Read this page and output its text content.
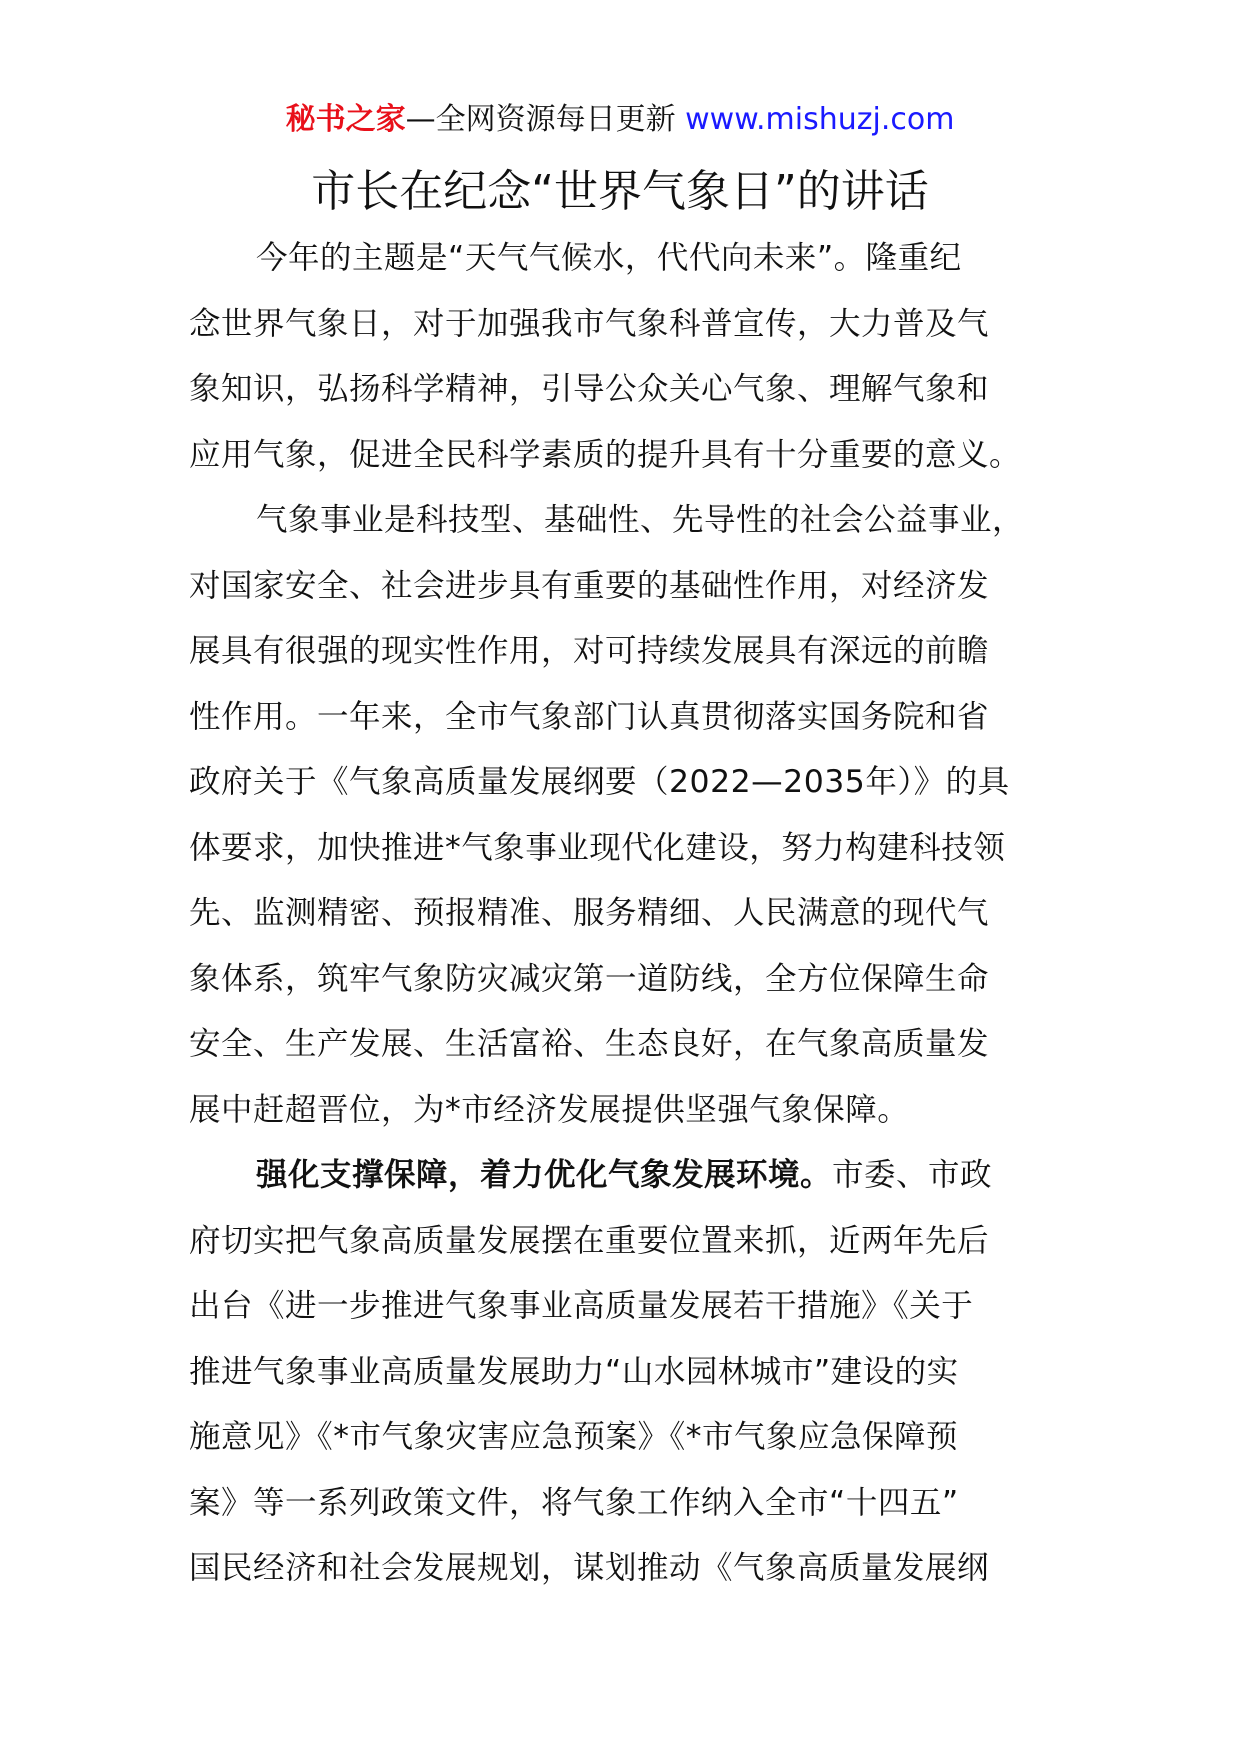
秘书之家—全网资源每日更新 www.mishuzj.com
市长在纪念“世界气象日”的讲话

今年的主题是“天气气候水，代代向未来”。隆重纪
念世界气象日，对于加强我市气象科普宣传，大力普及气
象知识，弘扬科学精神，引导公众关心气象、理解气象和
应用气象，促进全民科学素质的提升具有十分重要的意义。

气象事业是科技型、基础性、先导性的社会公益事业，
对国家安全、社会进步具有重要的基础性作用，对经济发
展具有很强的现实性作用，对可持续发展具有深远的前瞻
性作用。一年来，全市气象部门认真贯彻落实国务院和省
政府关于《气象高质量发展纲要（2022—2035年）》的具
体要求，加快推进*气象事业现代化建设，努力构建科技领
先、监测精密、预报精准、服务精细、人民满意的现代气
象体系，筑牢气象防灾减灾第一道防线，全方位保障生命
安全、生产发展、生活富裕、生态良好，在气象高质量发
展中赶超晋位，为*市经济发展提供坚强气象保障。

强化支撑保障，着力优化气象发展环境。市委、市政
府切实把气象高质量发展摆在重要位置来抓，近两年先后
出台《进一步推进气象事业高质量发展若干措施》《关于
推进气象事业高质量发展助力“山水园林城市”建设的实
施意见》《*市气象灾害应急预案》《*市气象应急保障预
案》等一系列政策文件，将气象工作纳入全市“十四五”
国民经济和社会发展规划，谋划推动《气象高质量发展纲
